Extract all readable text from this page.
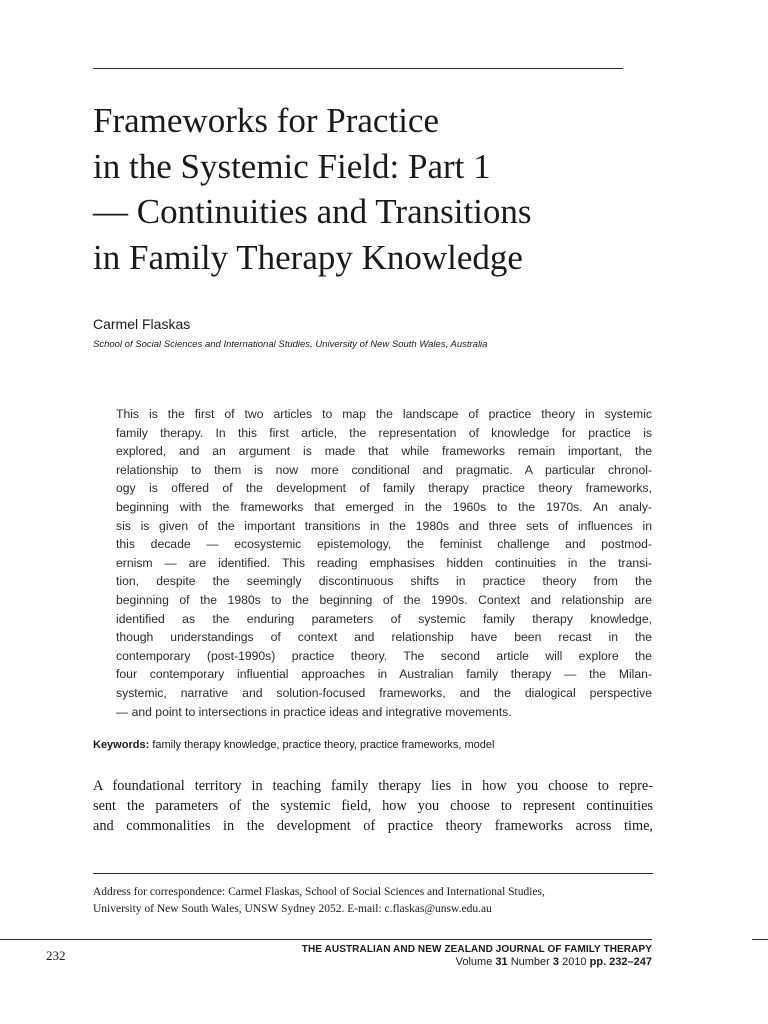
Frameworks for Practice
in the Systemic Field: Part 1
— Continuities and Transitions
in Family Therapy Knowledge
Carmel Flaskas
School of Social Sciences and International Studies, University of New South Wales, Australia

This is the first of two articles to map the landscape of practice theory in systemic
family therapy. In this first article, the representation of knowledge for practice is
explored, and an argument is made that while frameworks remain important, the
relationship to them is now more conditional and pragmatic. A particular chronol-
ogy is offered of the development of family therapy practice theory frameworks,
beginning with the frameworks that emerged in the 1960s to the 1970s. An analy-
sis is given of the important transitions in the 1980s and three sets of influences in
this decade — ecosystemic epistemology, the feminist challenge and postmod-
ernism — are identified. This reading emphasises hidden continuities in the transi-
tion, despite the seemingly discontinuous shifts in practice theory from the
beginning of the 1980s to the beginning of the 1990s. Context and relationship are
identified as the enduring parameters of systemic family therapy knowledge,
though understandings of context and relationship have been recast in the
contemporary (post-1990s) practice theory. The second article will explore the
four contemporary influential approaches in Australian family therapy — the Milan-
systemic, narrative and solution-focused frameworks, and the dialogical perspective
— and point to intersections in practice ideas and integrative movements.

Keywords: family therapy knowledge, practice theory, practice frameworks, model

A foundational territory in teaching family therapy lies in how you choose to repre-
sent the parameters of the systemic field, how you choose to represent continuities
and commonalities in the development of practice theory frameworks across time,

Address for correspondence: Carmel Flaskas, School of Social Sciences and International Studies,
University of New South Wales, UNSW Sydney 2052. E-mail: c.flaskas@unsw.edu.au

232	THE AUSTRALIAN AND NEW ZEALAND JOURNAL OF FAMILY THERAPY
Volume 31 Number 3 2010 pp. 232–247
